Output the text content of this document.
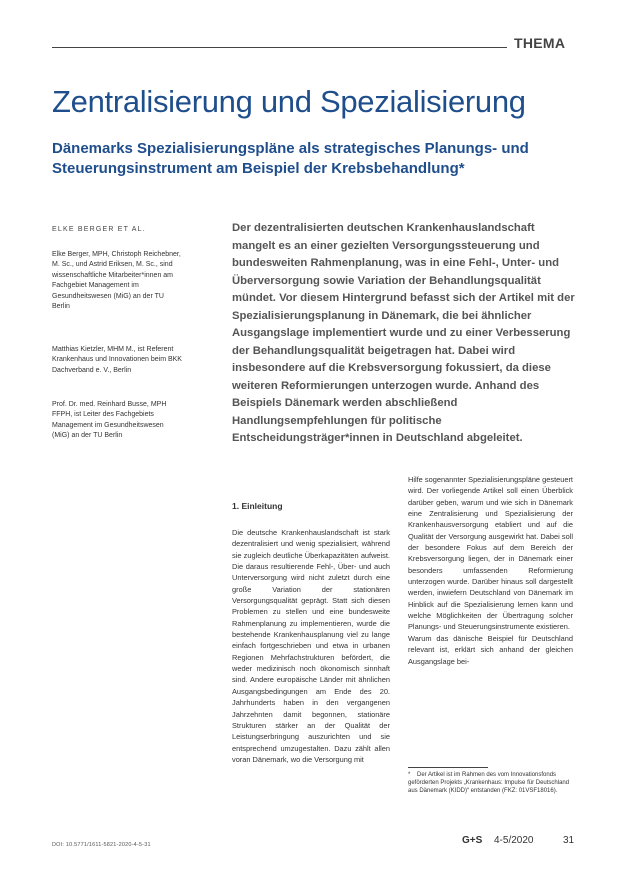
THEMA
Zentralisierung und Spezialisierung
Dänemarks Spezialisierungspläne als strategisches Planungs- und Steuerungsinstrument am Beispiel der Krebsbehandlung*
ELKE BERGER ET AL.
Elke Berger, MPH, Christoph Reichebner, M. Sc., und Astrid Eriksen, M. Sc., sind wissenschaftliche Mitarbeiter*innen am Fachgebiet Management im Gesundheitswesen (MiG) an der TU Berlin
Matthias Kietzler, MHM M., ist Referent Krankenhaus und Innovationen beim BKK Dachverband e. V., Berlin
Prof. Dr. med. Reinhard Busse, MPH FFPH, ist Leiter des Fachgebiets Management im Gesundheitswesen (MiG) an der TU Berlin
Der dezentralisierten deutschen Krankenhauslandschaft mangelt es an einer gezielten Versorgungssteuerung und bundesweiten Rahmenplanung, was in eine Fehl-, Unter- und Überversorgung sowie Variation der Behandlungsqualität mündet. Vor diesem Hintergrund befasst sich der Artikel mit der Spezialisierungsplanung in Dänemark, die bei ähnlicher Ausgangslage implementiert wurde und zu einer Verbesserung der Behandlungsqualität beigetragen hat. Dabei wird insbesondere auf die Krebsversorgung fokussiert, da diese weiteren Reformierungen unterzogen wurde. Anhand des Beispiels Dänemark werden abschließend Handlungsempfehlungen für politische Entscheidungsträger*innen in Deutschland abgeleitet.
1. Einleitung
Die deutsche Krankenhauslandschaft ist stark dezentralisiert und wenig spezialisiert, während sie zugleich deutliche Überkapazitäten aufweist. Die daraus resultierende Fehl-, Über- und auch Unterversorgung wird nicht zuletzt durch eine große Variation der stationären Versorgungsqualität geprägt. Statt sich diesen Problemen zu stellen und eine bundesweite Rahmenplanung zu implementieren, wurde die bestehende Krankenhausplanung viel zu lange einfach fortgeschrieben und etwa in urbanen Regionen Mehrfachstrukturen befördert, die weder medizinisch noch ökonomisch sinnhaft sind. Andere europäische Länder mit ähnlichen Ausgangsbedingungen am Ende des 20. Jahrhunderts haben in den vergangenen Jahrzehnten damit begonnen, stationäre Strukturen stärker an der Qualität der Leistungserbringung auszurichten und sie entsprechend umzugestalten. Dazu zählt allen voran Dänemark, wo die Versorgung mit
Hilfe sogenannter Spezialisierungspläne gesteuert wird. Der vorliegende Artikel soll einen Überblick darüber geben, warum und wie sich in Dänemark eine Zentralisierung und Spezialisierung der Krankenhausversorgung etabliert und auf die Qualität der Versorgung ausgewirkt hat. Dabei soll der besondere Fokus auf dem Bereich der Krebsversorgung liegen, der in Dänemark einer besonders umfassenden Reformierung unterzogen wurde. Darüber hinaus soll dargestellt werden, inwiefern Deutschland von Dänemark im Hinblick auf die Spezialisierung lernen kann und welche Möglichkeiten der Übertragung solcher Planungs- und Steuerungsinstrumente existieren.
Warum das dänische Beispiel für Deutschland relevant ist, erklärt sich anhand der gleichen Ausgangslage bei-
* Der Artikel ist im Rahmen des vom Innovationsfonds geförderten Projekts „Krankenhaus: Impulse für Deutschland aus Dänemark (KIDD)“ entstanden (FKZ: 01VSF18016).
DOI: 10.5771/1611-5821-2020-4-5-31	G+S 4-5/2020	31
